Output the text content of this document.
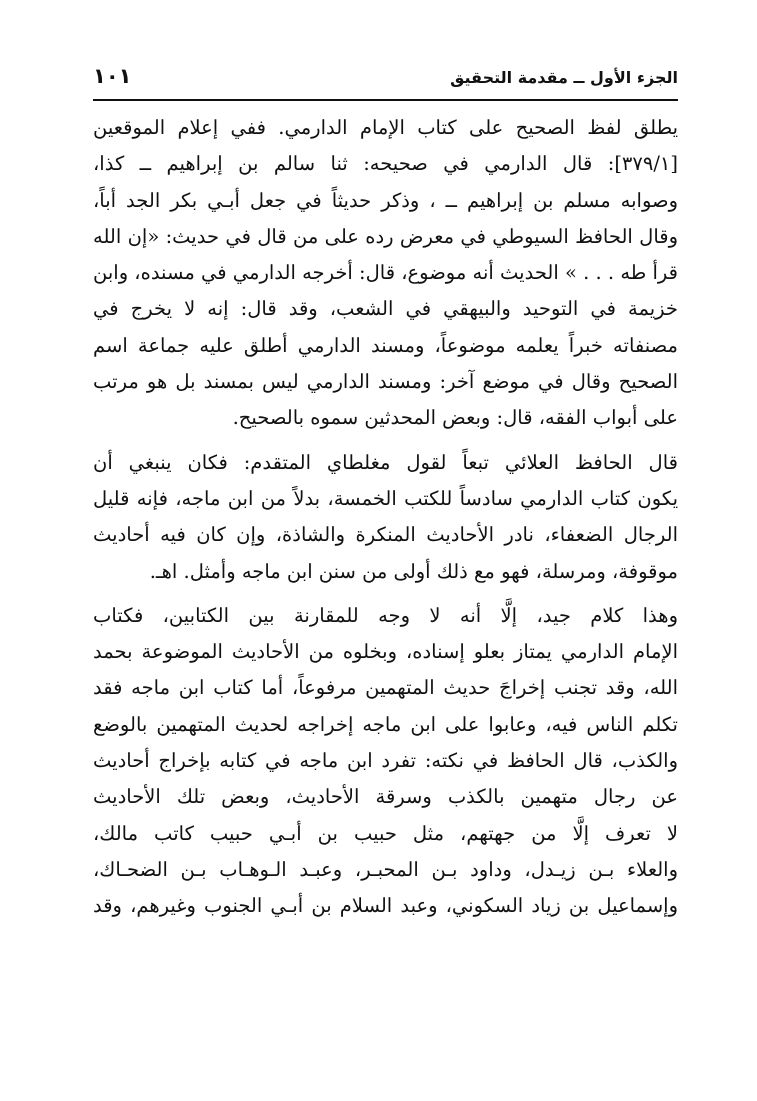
الجزء الأول ــ مقدمة التحقيق
١٠١
يطلق لفظ الصحيح على كتاب الإمام الدارمي. ففي إعلام الموقعين
[٣٧٩/١]: قال الدارمي في صحيحه: ثنا سالم بن إبراهيم ــ كذا،
وصوابه مسلم بن إبراهيم ــ ، وذكر حديثاً في جعل أبـي بكر الجد أباً،
وقال الحافظ السيوطي في معرض رده على من قال في حديث: «إن الله
قرأ طه . . . » الحديث أنه موضوع، قال: أخرجه الدارمي في مسنده، وابن
خزيمة في التوحيد والبيهقي في الشعب، وقد قال: إنه لا يخرج في
مصنفاته خبراً يعلمه موضوعاً، ومسند الدارمي أطلق عليه جماعة اسم
الصحيح وقال في موضع آخر: ومسند الدارمي ليس بمسند بل هو مرتب
على أبواب الفقه، قال: وبعض المحدثين سموه بالصحيح.
قال الحافظ العلائي تبعاً لقول مغلطاي المتقدم: فكان ينبغي أن
يكون كتاب الدارمي سادساً للكتب الخمسة، بدلاً من ابن ماجه، فإنه قليل
الرجال الضعفاء، نادر الأحاديث المنكرة والشاذة، وإن كان فيه أحاديث
موقوفة، ومرسلة، فهو مع ذلك أولى من سنن ابن ماجه وأمثل. اهـ.
وهذا كلام جيد، إلَّا أنه لا وجه للمقارنة بين الكتابين، فكتاب
الإمام الدارمي يمتاز بعلو إسناده، وبخلوه من الأحاديث الموضوعة بحمد
الله، وقد تجنب إخراجَ حديث المتهمين مرفوعاً، أما كتاب ابن ماجه فقد
تكلم الناس فيه، وعابوا على ابن ماجه إخراجه لحديث المتهمين بالوضع
والكذب، قال الحافظ في نكته: تفرد ابن ماجه في كتابه بإخراج أحاديث
عن رجال متهمين بالكذب وسرقة الأحاديث، وبعض تلك الأحاديث
لا تعرف إلَّا من جهتهم، مثل حبيب بن أبـي حبيب كاتب مالك،
والعلاء بـن زيـدل، وداود بـن المحبـر، وعبـد الـوهـاب بـن الضحـاك،
وإسماعيل بن زياد السكوني، وعبد السلام بن أبـي الجنوب وغيرهم، وقد
